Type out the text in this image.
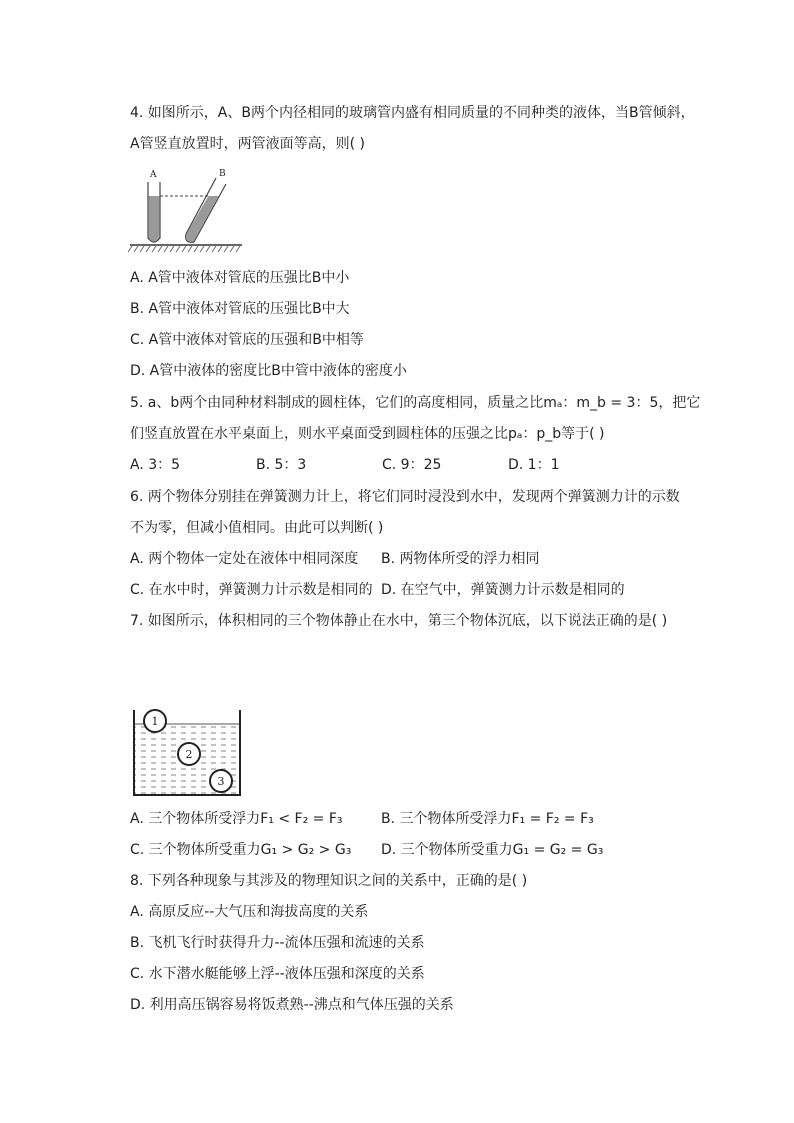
4. 如图所示，A、B两个内径相同的玻璃管内盛有相同质量的不同种类的液体，当B管倾斜，
A管竖直放置时，两管液面等高，则( )
A	B
A. A管中液体对管底的压强比B中小
B. A管中液体对管底的压强比B中大
C. A管中液体对管底的压强和B中相等
D. A管中液体的密度比B中管中液体的密度小
5. a、b两个由同种材料制成的圆柱体，它们的高度相同，质量之比mₐ：m_b = 3：5，把它
们竖直放置在水平桌面上，则水平桌面受到圆柱体的压强之比pₐ：p_b等于( )
A. 3：5	B. 5：3	C. 9：25	D. 1：1
6. 两个物体分别挂在弹簧测力计上，将它们同时浸没到水中，发现两个弹簧测力计的示数
不为零，但减小值相同。由此可以判断( )
A. 两个物体一定处在液体中相同深度 B. 两物体所受的浮力相同
C. 在水中时，弹簧测力计示数是相同的 D. 在空气中，弹簧测力计示数是相同的
7. 如图所示，体积相同的三个物体静止在水中，第三个物体沉底，以下说法正确的是( )
1
2
3
A. 三个物体所受浮力F₁ < F₂ = F₃	B. 三个物体所受浮力F₁ = F₂ = F₃
C. 三个物体所受重力G₁ > G₂ > G₃ D. 三个物体所受重力G₁ = G₂ = G₃
8. 下列各种现象与其涉及的物理知识之间的关系中，正确的是( )
A. 高原反应--大气压和海拔高度的关系
B. 飞机飞行时获得升力--流体压强和流速的关系
C. 水下潜水艇能够上浮--液体压强和深度的关系
D. 利用高压锅容易将饭煮熟--沸点和气体压强的关系
